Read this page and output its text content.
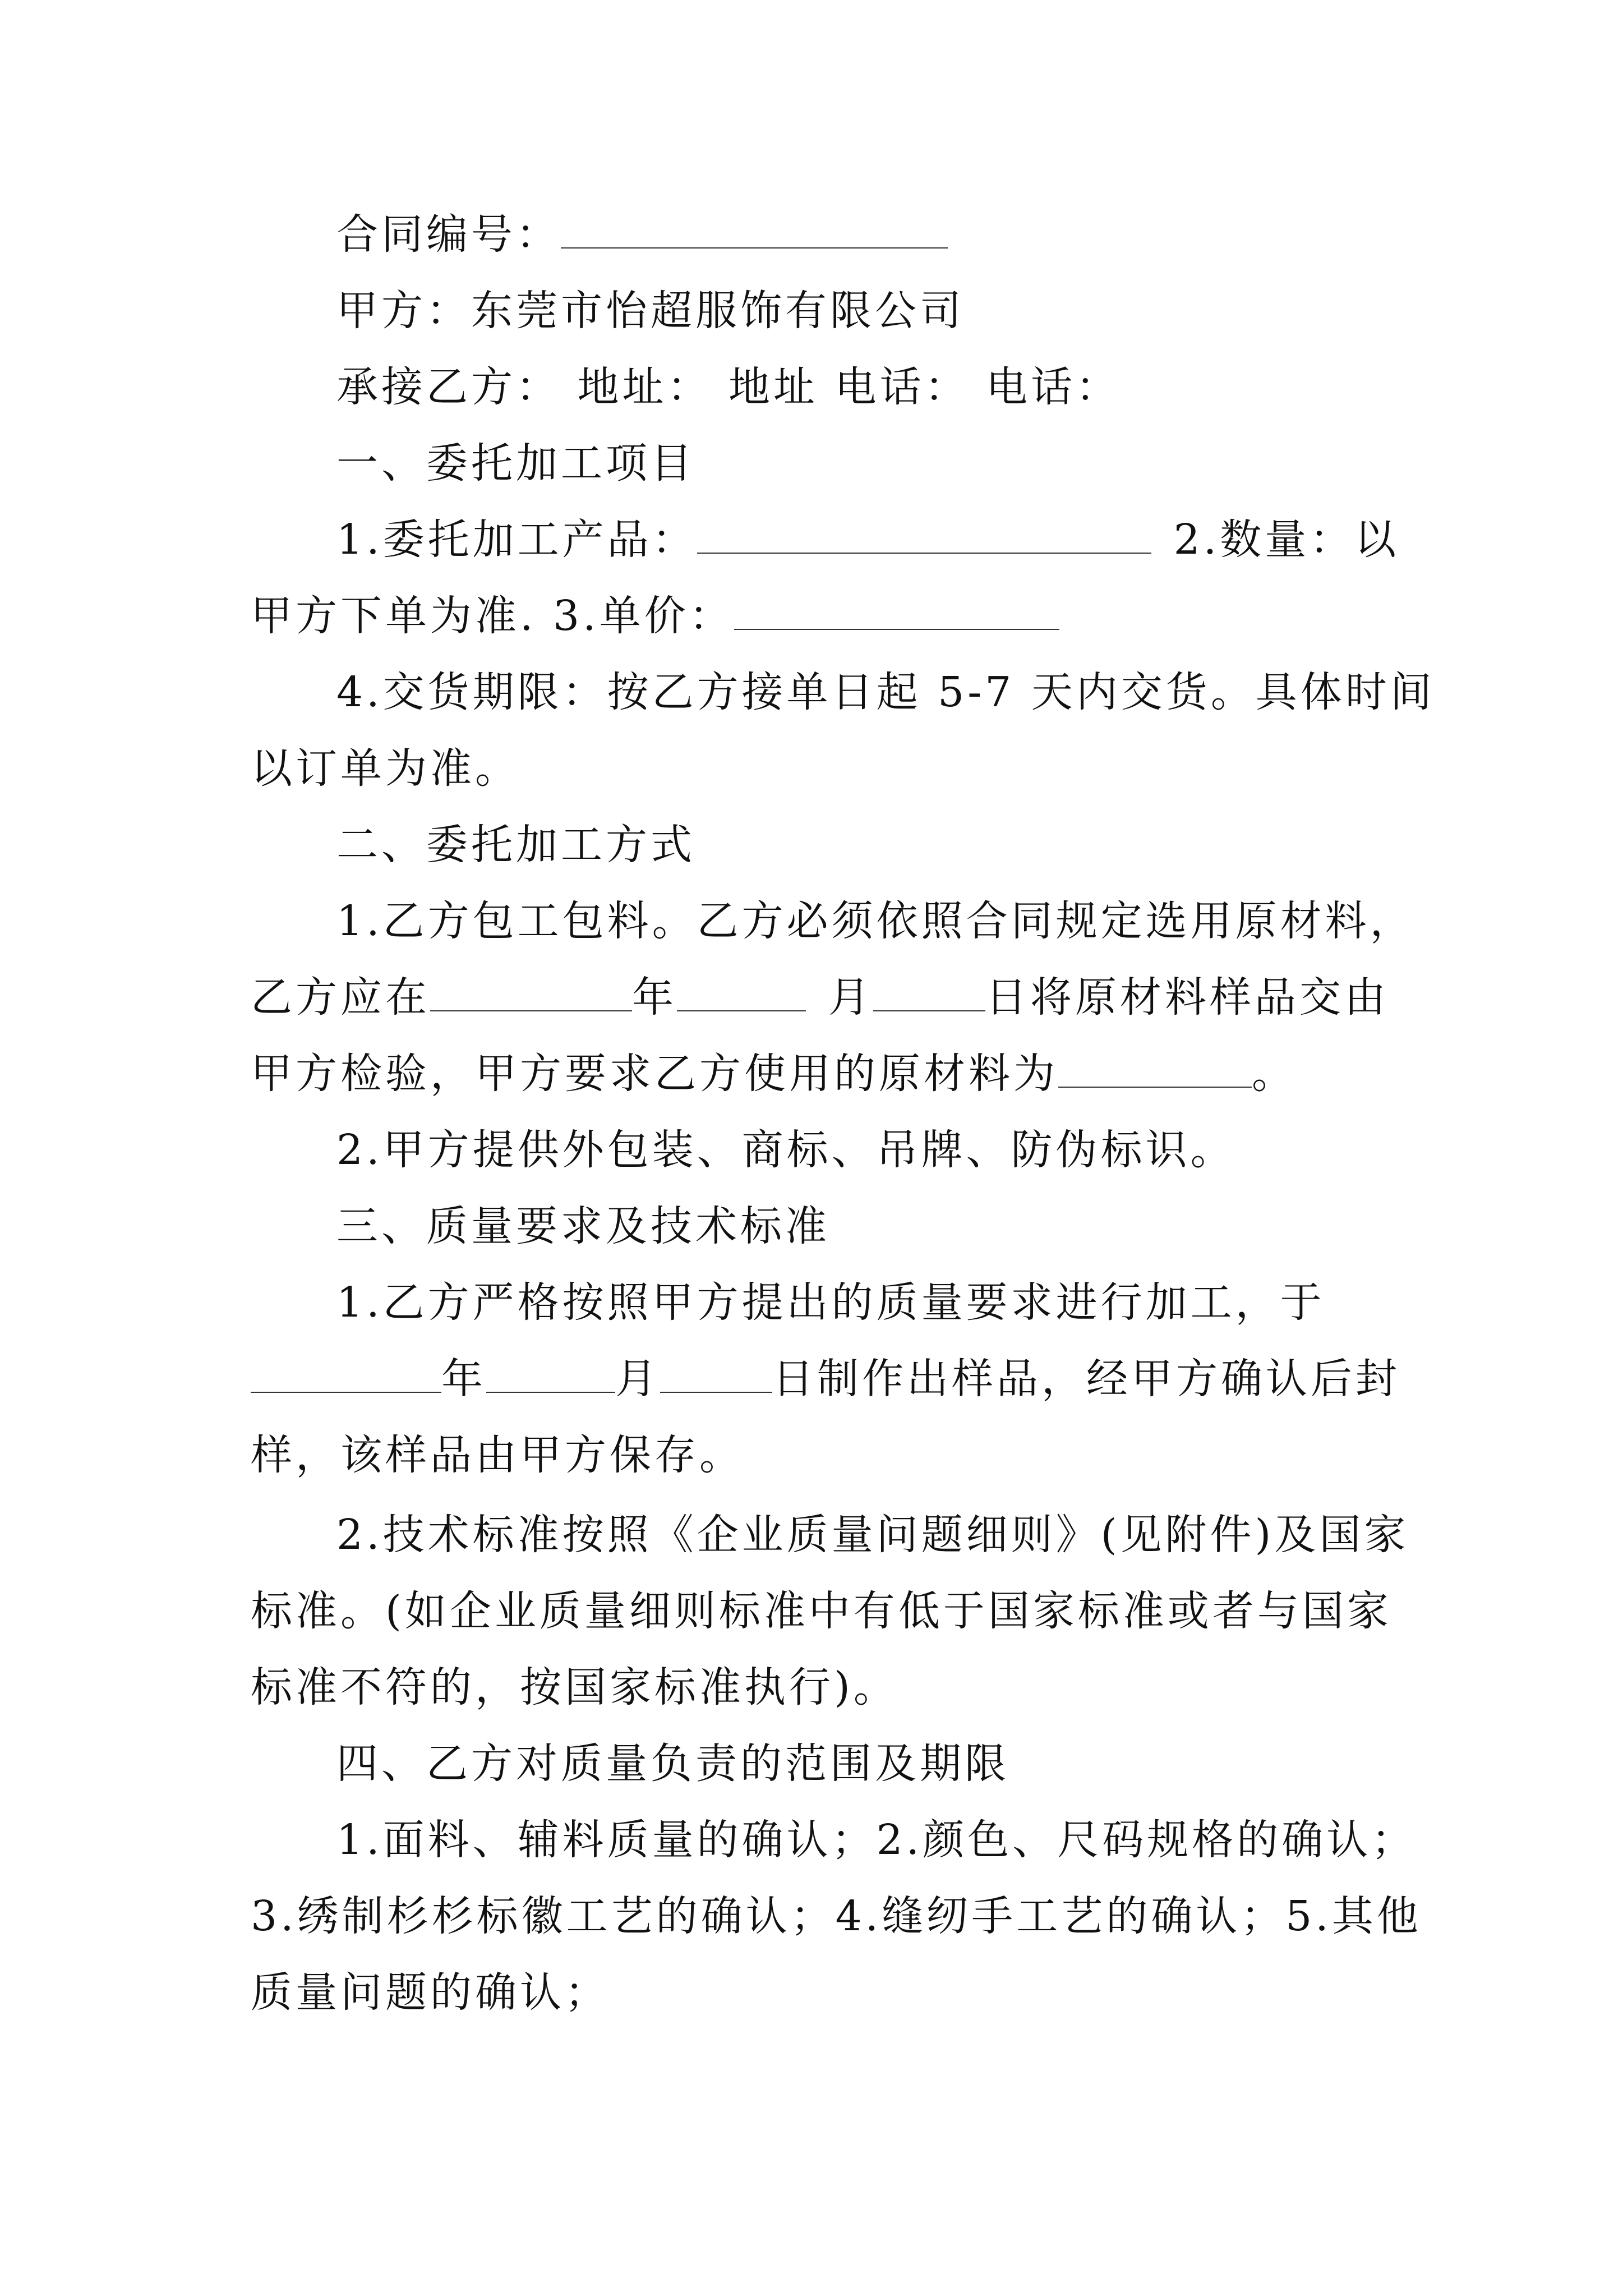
合同编号：
甲方：东莞市怡超服饰有限公司
承接乙方： 地址： 地址 电话： 电话：
一、委托加工项目
1.委托加工产品：	2.数量：以
甲方下单为准. 3.单价：
4.交货期限：按乙方接单日起 5-7 天内交货。具体时间
以订单为准。
二、委托加工方式
1.乙方包工包料。乙方必须依照合同规定选用原材料，
乙方应在	年	月	日将原材料样品交由
甲方检验，甲方要求乙方使用的原材料为	。
2.甲方提供外包装、商标、吊牌、防伪标识。
三、质量要求及技术标准
1.乙方严格按照甲方提出的质量要求进行加工，于
年	月	日制作出样品，经甲方确认后封
样，该样品由甲方保存。
2.技术标准按照《企业质量问题细则》(见附件)及国家
标准。(如企业质量细则标准中有低于国家标准或者与国家
标准不符的，按国家标准执行)。
四、乙方对质量负责的范围及期限
1.面料、辅料质量的确认；2.颜色、尺码规格的确认；
3.绣制杉杉标徽工艺的确认；4.缝纫手工艺的确认；5.其他
质量问题的确认；
